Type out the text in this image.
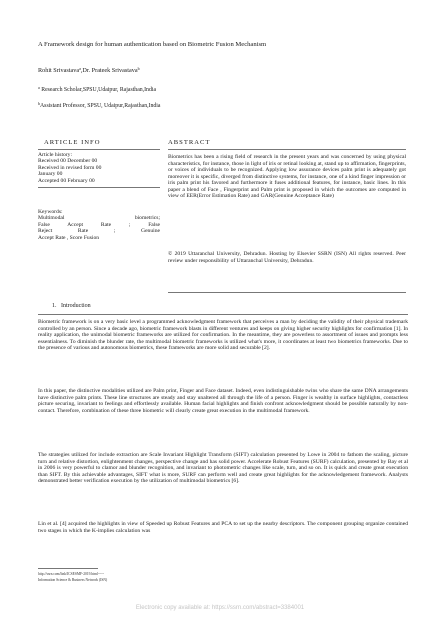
A Framework design for human authentication based on Biometric Fusion Mechanism
Rohit Srivastava$^a$,Dr. Prateek Srivastava$^b$
$^a$ Research Scholar,SPSU,Udaipur, Rajasthan,India
$^b$Assistant Professor, SPSU, Udaipur,Rajasthan,India
ARTICLE INFO
Article history:
Received 00 December 00
Received in revised form 00
January 00
Accepted 00 February 00
Keywords:
Multimodal biometrics;
False Accept Rate ; False
Reject Rate ; Genuine
Accept Rate , Score Fusion
ABSTRACT
Biometrics has been a rising field of research in the present years and was concerned by using physical characteristics, for instance, those in light of iris or retinal looking at, stand up to affirmation, fingerprints, or voices of individuals to be recognized. Applying low assurance devices palm print is adequately got moreover it is specific, diverged from distinctive systems, for instance, one of a kind finger impression or iris palm print his favored and furthermore it fuses additional features, for instance, basic lines. In this paper a blend of Face , Fingerprint and Palm print is proposed in which the outcomes are computed in view of EER(Error Estimation Rate) and GAR(Genuine Acceptance Rate)
© 2019 Uttaranchal University, Dehradun. Hosting by Elsevier SSRN (ISN) All rights reserved. Peer review under responsibility of Uttaranchal University, Dehradun.
1. Introduction
Biometric framework is on a very basic level a programmed acknowledgment framework that perceives a man by deciding the validity of their physical trademark controlled by an person. Since a decade ago, biometric framework blasts in different ventures and keeps on giving higher security highlights for confirmation [1]. In reality application, the unimodal biometric frameworks are utilized for confirmation. In the meantime, they are powerless to assortment of issues and prompts less essentialness. To diminish the blunder rate, the multimodal biometric frameworks is utilized what's more, it coordinates at least two biometrics frameworks. Due to the presence of various and autonomous biometrics, these frameworks are more solid and securable [2].
In this paper, the distinctive modalities utilized are Palm print, Finger and Face dataset. Indeed, even indistinguishable twins who share the same DNA arrangements have distinctive palm prints. These line structures are steady and stay unaltered all through the life of a person. Finger is wealthy in surface highlights, contactless picture securing, invariant to feelings and effortlessly available. Human facial highlights and finish confront acknowledgment should be possible naturally by non-contact. Therefore, combination of these three biometric will clearly create great execution in the multimodal framework.
The strategies utilized for include extraction are Scale Invariant Highlight Transform (SIFT) calculation presented by Lowe in 2004 to fathom the scaling, picture turn and relative distortion, enlightenment changes, perspective change and has solid power. Accelerate Robust Features (SURF) calculation, presented by Bay et al in 2006 is very powerful to clamor and blunder recognition, and invariant to photometric changes like scale, turn, and so on. It is quick and create great execution than SIFT. By this achievable advantages, SIFT what is more, SURF can perform well and create great highlights for the acknowledgement framework. Analysts demonstrated better verification execution by the utilization of multimodal biometrics [6].
Lin et al. [4] acquired the highlights in view of Speeded up Robust Features and PCA to set up the nearby descriptors. The component grouping organize contained two stages in which the K-implies calculation was
http://ssrn.com/link/ICSESMF-2019.html-----
Information Science & Business Network (ISN)
Electronic copy available at: https://ssrn.com/abstract=3384001
